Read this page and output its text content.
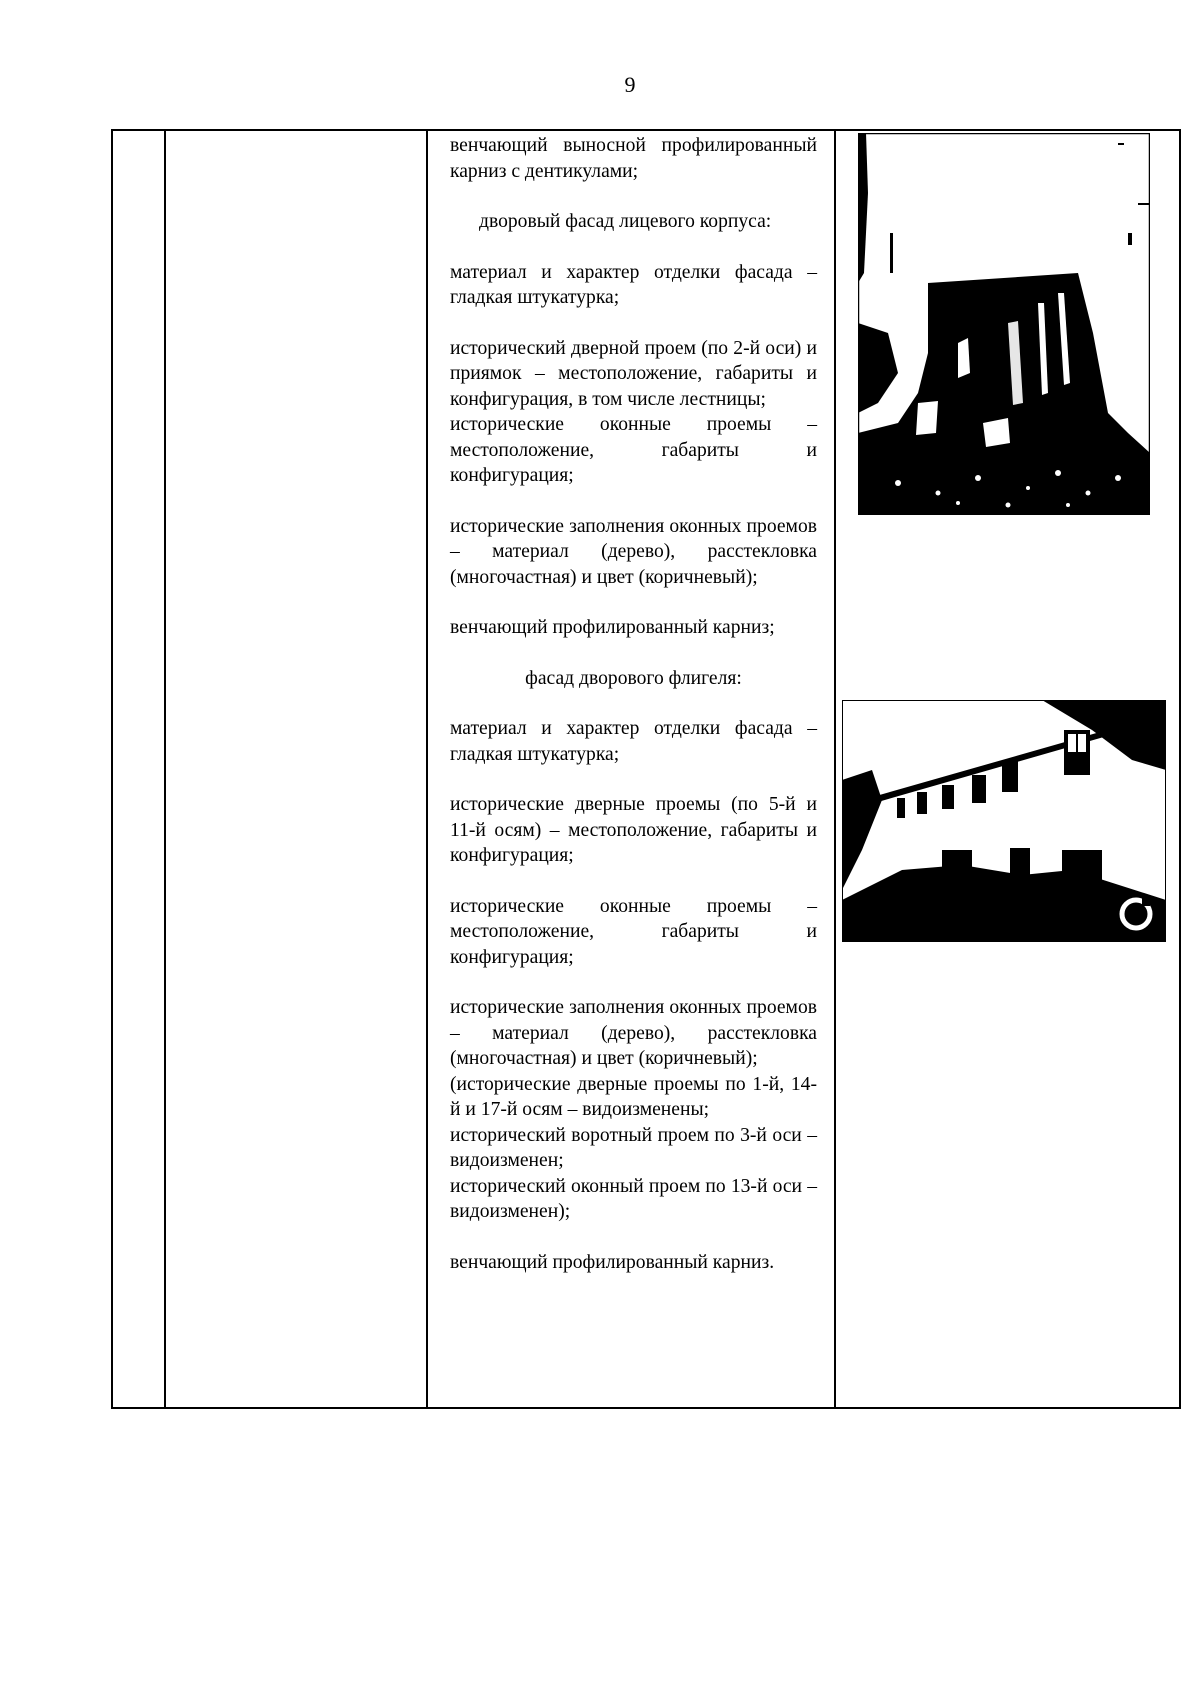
9

венчающий выносной профилированный карниз с дентикулами;

дворовый фасад лицевого корпуса:

материал и характер отделки фасада – гладкая штукатурка;

исторический дверной проем (по 2-й оси) и приямок – местоположение, габариты и конфигурация, в том числе лестницы;

исторические оконные проемы – местоположение, габариты и конфигурация;

исторические заполнения оконных проемов – материал (дерево), расстекловка (многочастная) и цвет (коричневый);

венчающий профилированный карниз;

фасад дворового флигеля:

материал и характер отделки фасада – гладкая штукатурка;

исторические дверные проемы (по 5-й и 11-й осям) – местоположение, габариты и конфигурация;

исторические оконные проемы – местоположение, габариты и конфигурация;

исторические заполнения оконных проемов – материал (дерево), расстекловка (многочастная) и цвет (коричневый);

(исторические дверные проемы по 1-й, 14-й и 17-й осям – видоизменены;

исторический воротный проем по 3-й оси – видоизменен;

исторический оконный проем по 13-й оси – видоизменен);

венчающий профилированный карниз.
